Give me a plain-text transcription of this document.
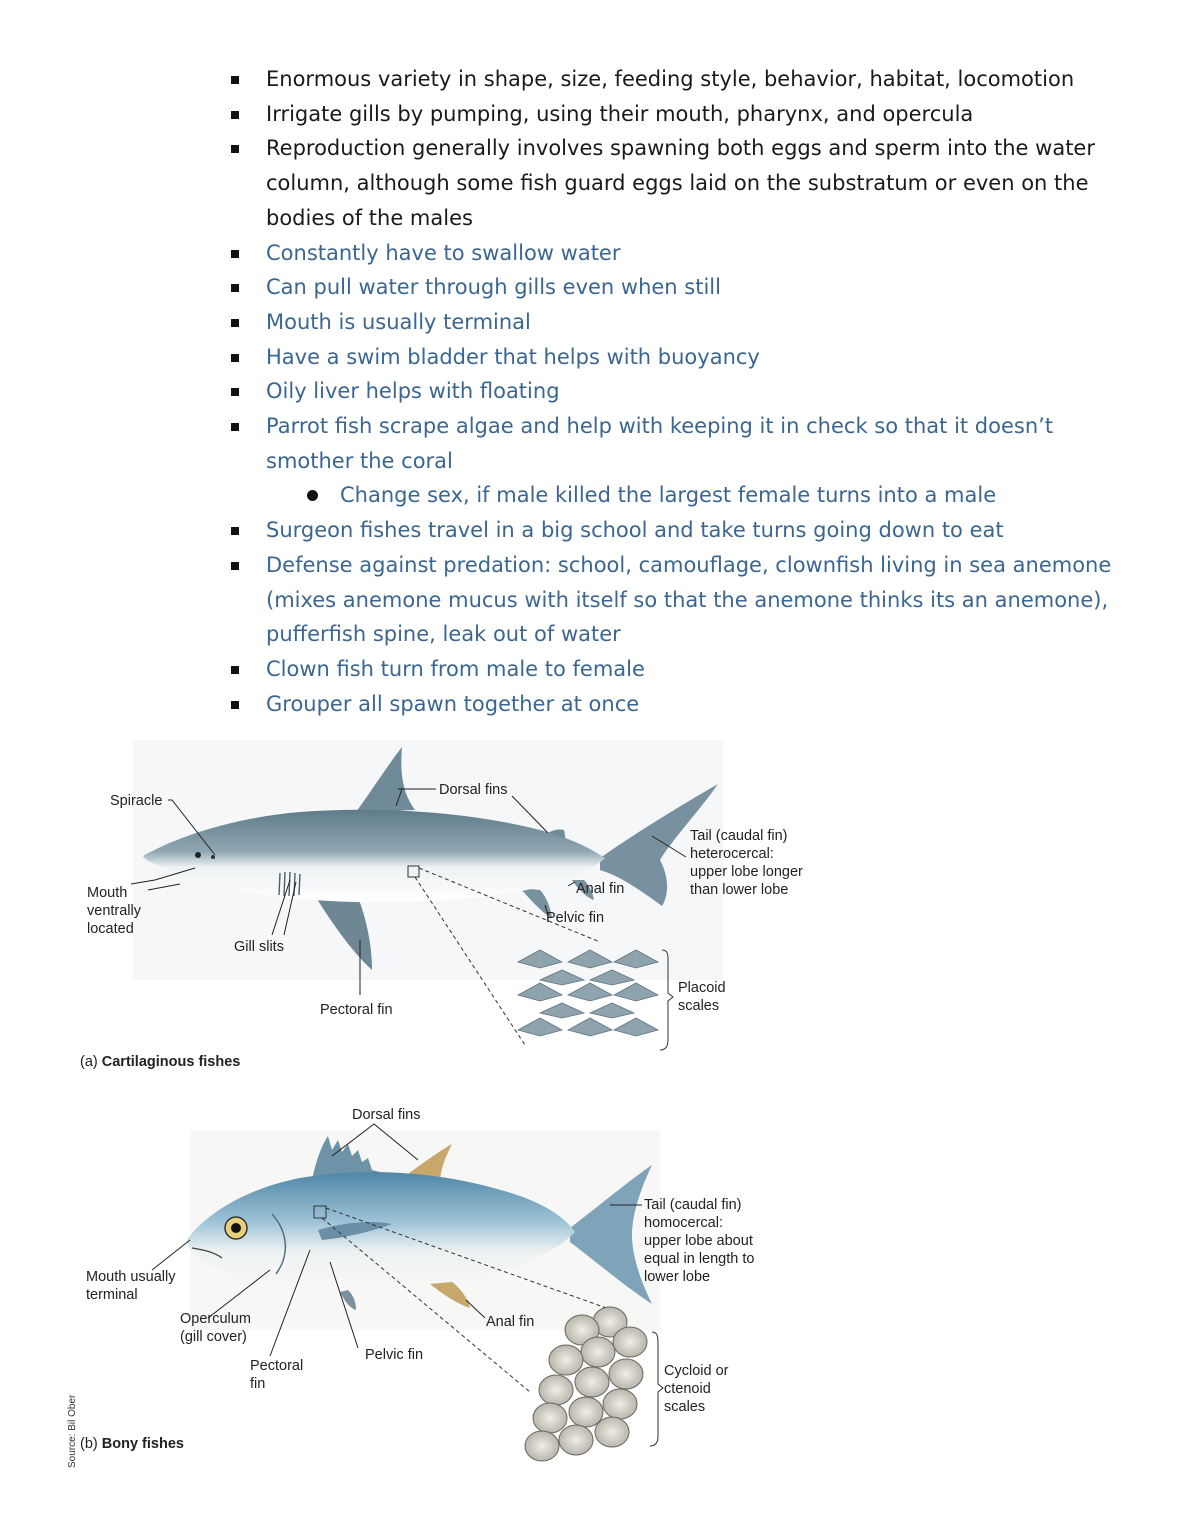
Enormous variety in shape, size, feeding style, behavior, habitat, locomotion
Irrigate gills by pumping, using their mouth, pharynx, and opercula
Reproduction generally involves spawning both eggs and sperm into the water column, although some fish guard eggs laid on the substratum or even on the bodies of the males
Constantly have to swallow water
Can pull water through gills even when still
Mouth is usually terminal
Have a swim bladder that helps with buoyancy
Oily liver helps with floating
Parrot fish scrape algae and help with keeping it in check so that it doesn’t smother the coral
Change sex, if male killed the largest female turns into a male
Surgeon fishes travel in a big school and take turns going down to eat
Defense against predation: school, camouflage, clownfish living in sea anemone (mixes anemone mucus with itself so that the anemone thinks its an anemone), pufferfish spine, leak out of water
Clown fish turn from male to female
Grouper all spawn together at once
Spiracle
Dorsal fins
Tail (caudal fin) heterocercal: upper lobe longer than lower lobe
Mouth ventrally located
Anal fin
Pelvic fin
Gill slits
Placoid scales
Pectoral fin
(a) Cartilaginous fishes
Dorsal fins
Tail (caudal fin) homocercal: upper lobe about equal in length to lower lobe
Mouth usually terminal
Anal fin
Operculum (gill cover)
Pelvic fin
Pectoral fin
Cycloid or ctenoid scales
(b) Bony fishes
Source: Bil Ober
